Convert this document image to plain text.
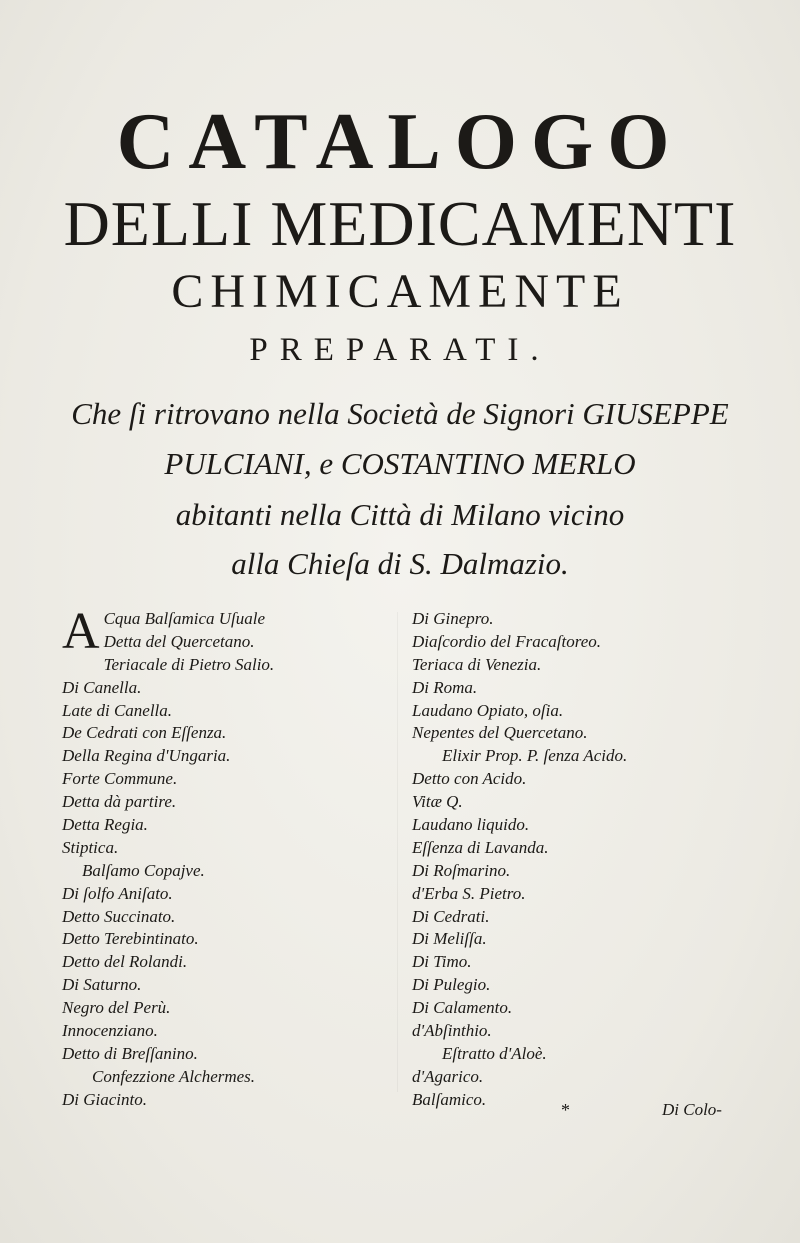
CATALOGO
DELLI MEDICAMENTI
CHIMICAMENTE
PREPARATI.
Che ſi ritrovano nella Società de Signori GIUSEPPE
PULCIANI, e COSTANTINO MERLO
abitanti nella Città di Milano vicino
alla Chieſa di S. Dalmazio.
A Cqua Balſamica Uſuale
Detta del Quercetano.
Teriacale di Pietro Salio.
Di Canella.
Late di Canella.
De Cedrati con Eſſenza.
Della Regina d'Ungaria.
Forte Commune.
Detta dà partire.
Detta Regia.
Stiptica.
Balſamo Copajve.
Di ſolfo Aniſato.
Detto Succinato.
Detto Terebintinato.
Detto del Rolandi.
Di Saturno.
Negro del Perù.
Innocenziano.
Detto di Breſſanino.
Confezzione Alchermes.
Di Giacinto.
Di Ginepro.
Diaſcordio del Fracaſtoreo.
Teriaca di Venezia.
Di Roma.
Laudano Opiato, oſia.
Nepentes del Quercetano.
Elixir Prop. P. ſenza Acido.
Detto con Acido.
Vitæ Q.
Laudano liquido.
Eſſenza di Lavanda.
Di Roſmarino.
d'Erba S. Pietro.
Di Cedrati.
Di Meliſſa.
Di Timo.
Di Pulegio.
Di Calamento.
d'Abſinthio.
Eſtratto d'Aloè.
d'Agarico.
Balſamico.
*	Di Colo-
